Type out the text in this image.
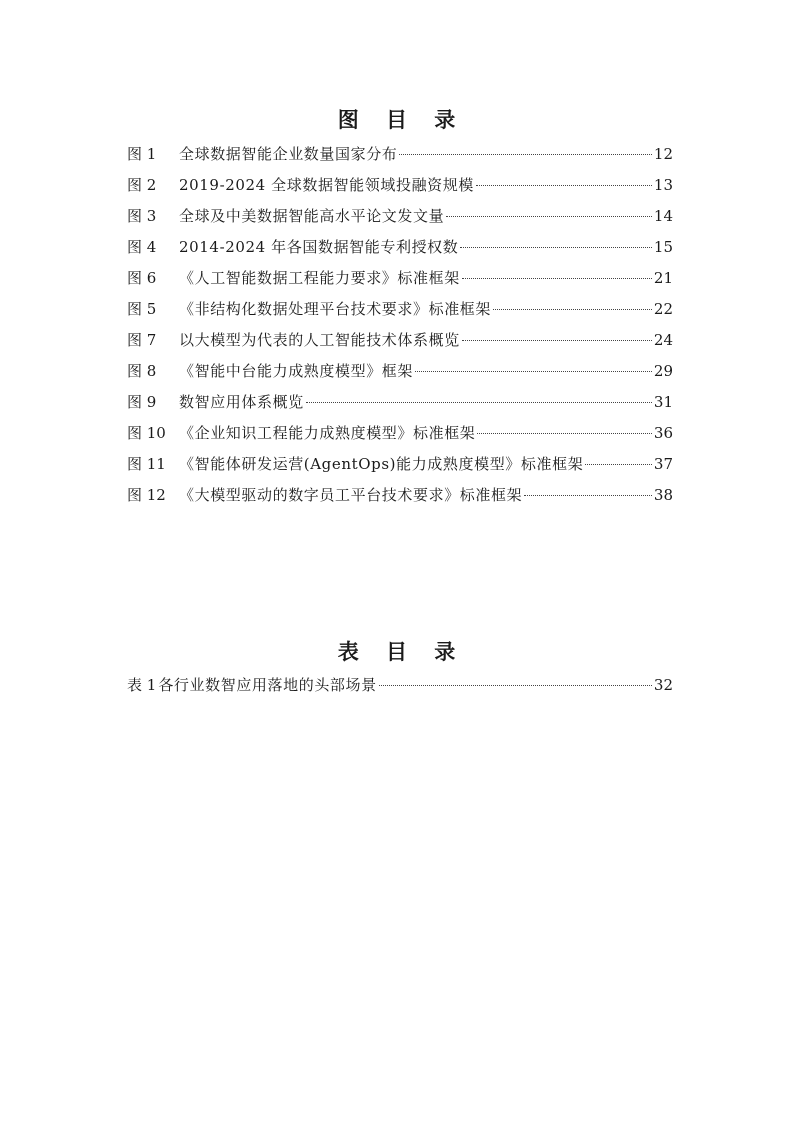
图 目 录
图 1	全球数据智能企业数量国家分布	12
图 2	2019-2024 全球数据智能领域投融资规模	13
图 3	全球及中美数据智能高水平论文发文量	14
图 4	2014-2024 年各国数据智能专利授权数	15
图 6	《人工智能数据工程能力要求》标准框架	21
图 5	《非结构化数据处理平台技术要求》标准框架	22
图 7	以大模型为代表的人工智能技术体系概览	24
图 8	《智能中台能力成熟度模型》框架	29
图 9	数智应用体系概览	31
图 10 《企业知识工程能力成熟度模型》标准框架	36
图 11 《智能体研发运营(AgentOps)能力成熟度模型》标准框架	37
图 12 《大模型驱动的数字员工平台技术要求》标准框架	38
表 目 录
表 1 各行业数智应用落地的头部场景	32
